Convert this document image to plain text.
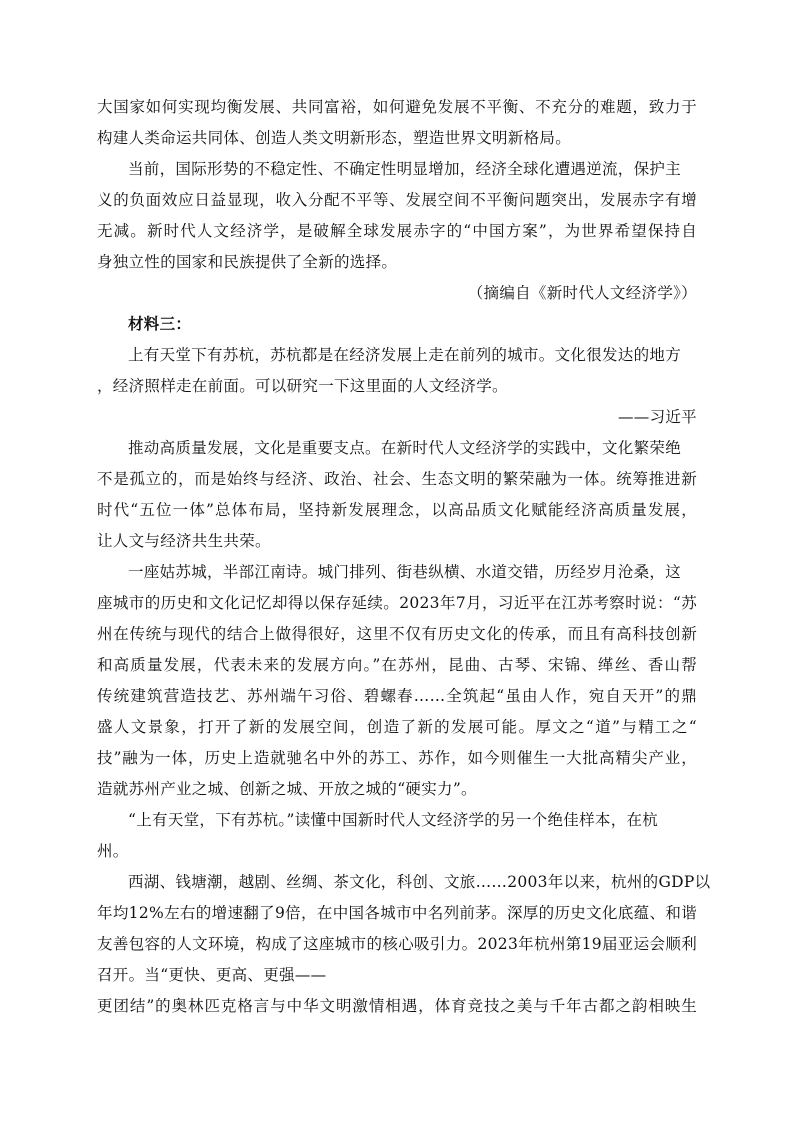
大国家如何实现均衡发展、共同富裕，如何避免发展不平衡、不充分的难题，致力于
构建人类命运共同体、创造人类文明新形态，塑造世界文明新格局。
当前，国际形势的不稳定性、不确定性明显增加，经济全球化遭遇逆流，保护主
义的负面效应日益显现，收入分配不平等、发展空间不平衡问题突出，发展赤字有增
无减。新时代人文经济学，是破解全球发展赤字的“中国方案”，为世界希望保持自
身独立性的国家和民族提供了全新的选择。
（摘编自《新时代人文经济学》）
材料三：
上有天堂下有苏杭，苏杭都是在经济发展上走在前列的城市。文化很发达的地方
，经济照样走在前面。可以研究一下这里面的人文经济学。
——习近平
推动高质量发展，文化是重要支点。在新时代人文经济学的实践中，文化繁荣绝
不是孤立的，而是始终与经济、政治、社会、生态文明的繁荣融为一体。统筹推进新
时代“五位一体”总体布局，坚持新发展理念，以高品质文化赋能经济高质量发展，
让人文与经济共生共荣。
一座姑苏城，半部江南诗。城门排列、街巷纵横、水道交错，历经岁月沧桑，这
座城市的历史和文化记忆却得以保存延续。2023年7月，习近平在江苏考察时说：“苏
州在传统与现代的结合上做得很好，这里不仅有历史文化的传承，而且有高科技创新
和高质量发展，代表未来的发展方向。”在苏州，昆曲、古琴、宋锦、缂丝、香山帮
传统建筑营造技艺、苏州端午习俗、碧螺春……全筑起“虽由人作，宛自天开”的鼎
盛人文景象，打开了新的发展空间，创造了新的发展可能。厚文之“道”与精工之“
技”融为一体，历史上造就驰名中外的苏工、苏作，如今则催生一大批高精尖产业，
造就苏州产业之城、创新之城、开放之城的“硬实力”。
“上有天堂，下有苏杭。”读懂中国新时代人文经济学的另一个绝佳样本，在杭
州。
西湖、钱塘潮，越剧、丝绸、茶文化，科创、文旅……2003年以来，杭州的GDP以
年均12%左右的增速翻了9倍，在中国各城市中名列前茅。深厚的历史文化底蕴、和谐
友善包容的人文环境，构成了这座城市的核心吸引力。2023年杭州第19届亚运会顺利
召开。当“更快、更高、更强——
更团结”的奥林匹克格言与中华文明激情相遇，体育竞技之美与千年古都之韵相映生
